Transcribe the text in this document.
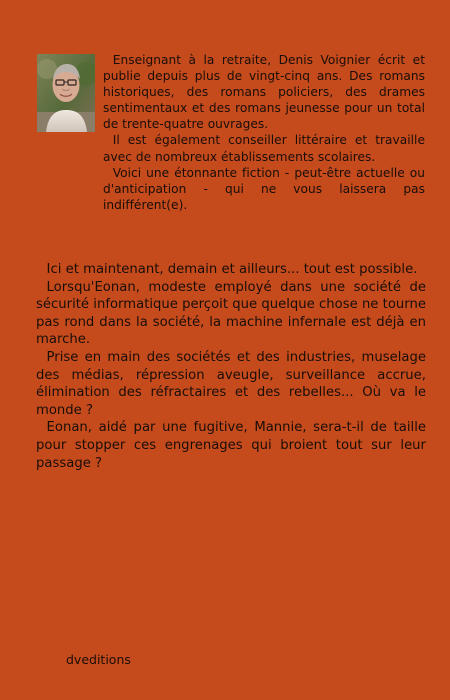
Enseignant à la retraite, Denis Voignier écrit et publie depuis plus de vingt-cinq ans. Des romans historiques, des romans policiers, des drames sentimentaux et des romans jeunesse pour un total de trente-quatre ouvrages.

Il est également conseiller littéraire et travaille avec de nombreux établissements scolaires.

Voici une étonnante fiction - peut-être actuelle ou d'anticipation - qui ne vous laissera pas indifférent(e).

Ici et maintenant, demain et ailleurs... tout est possible.

Lorsqu'Eonan, modeste employé dans une société de sécurité informatique perçoit que quelque chose ne tourne pas rond dans la société, la machine infernale est déjà en marche.

Prise en main des sociétés et des industries, muselage des médias, répression aveugle, surveillance accrue, élimination des réfractaires et des rebelles... Où va le monde ?

Eonan, aidé par une fugitive, Mannie, sera-t-il de taille pour stopper ces engrenages qui broient tout sur leur passage ?

dveditions
